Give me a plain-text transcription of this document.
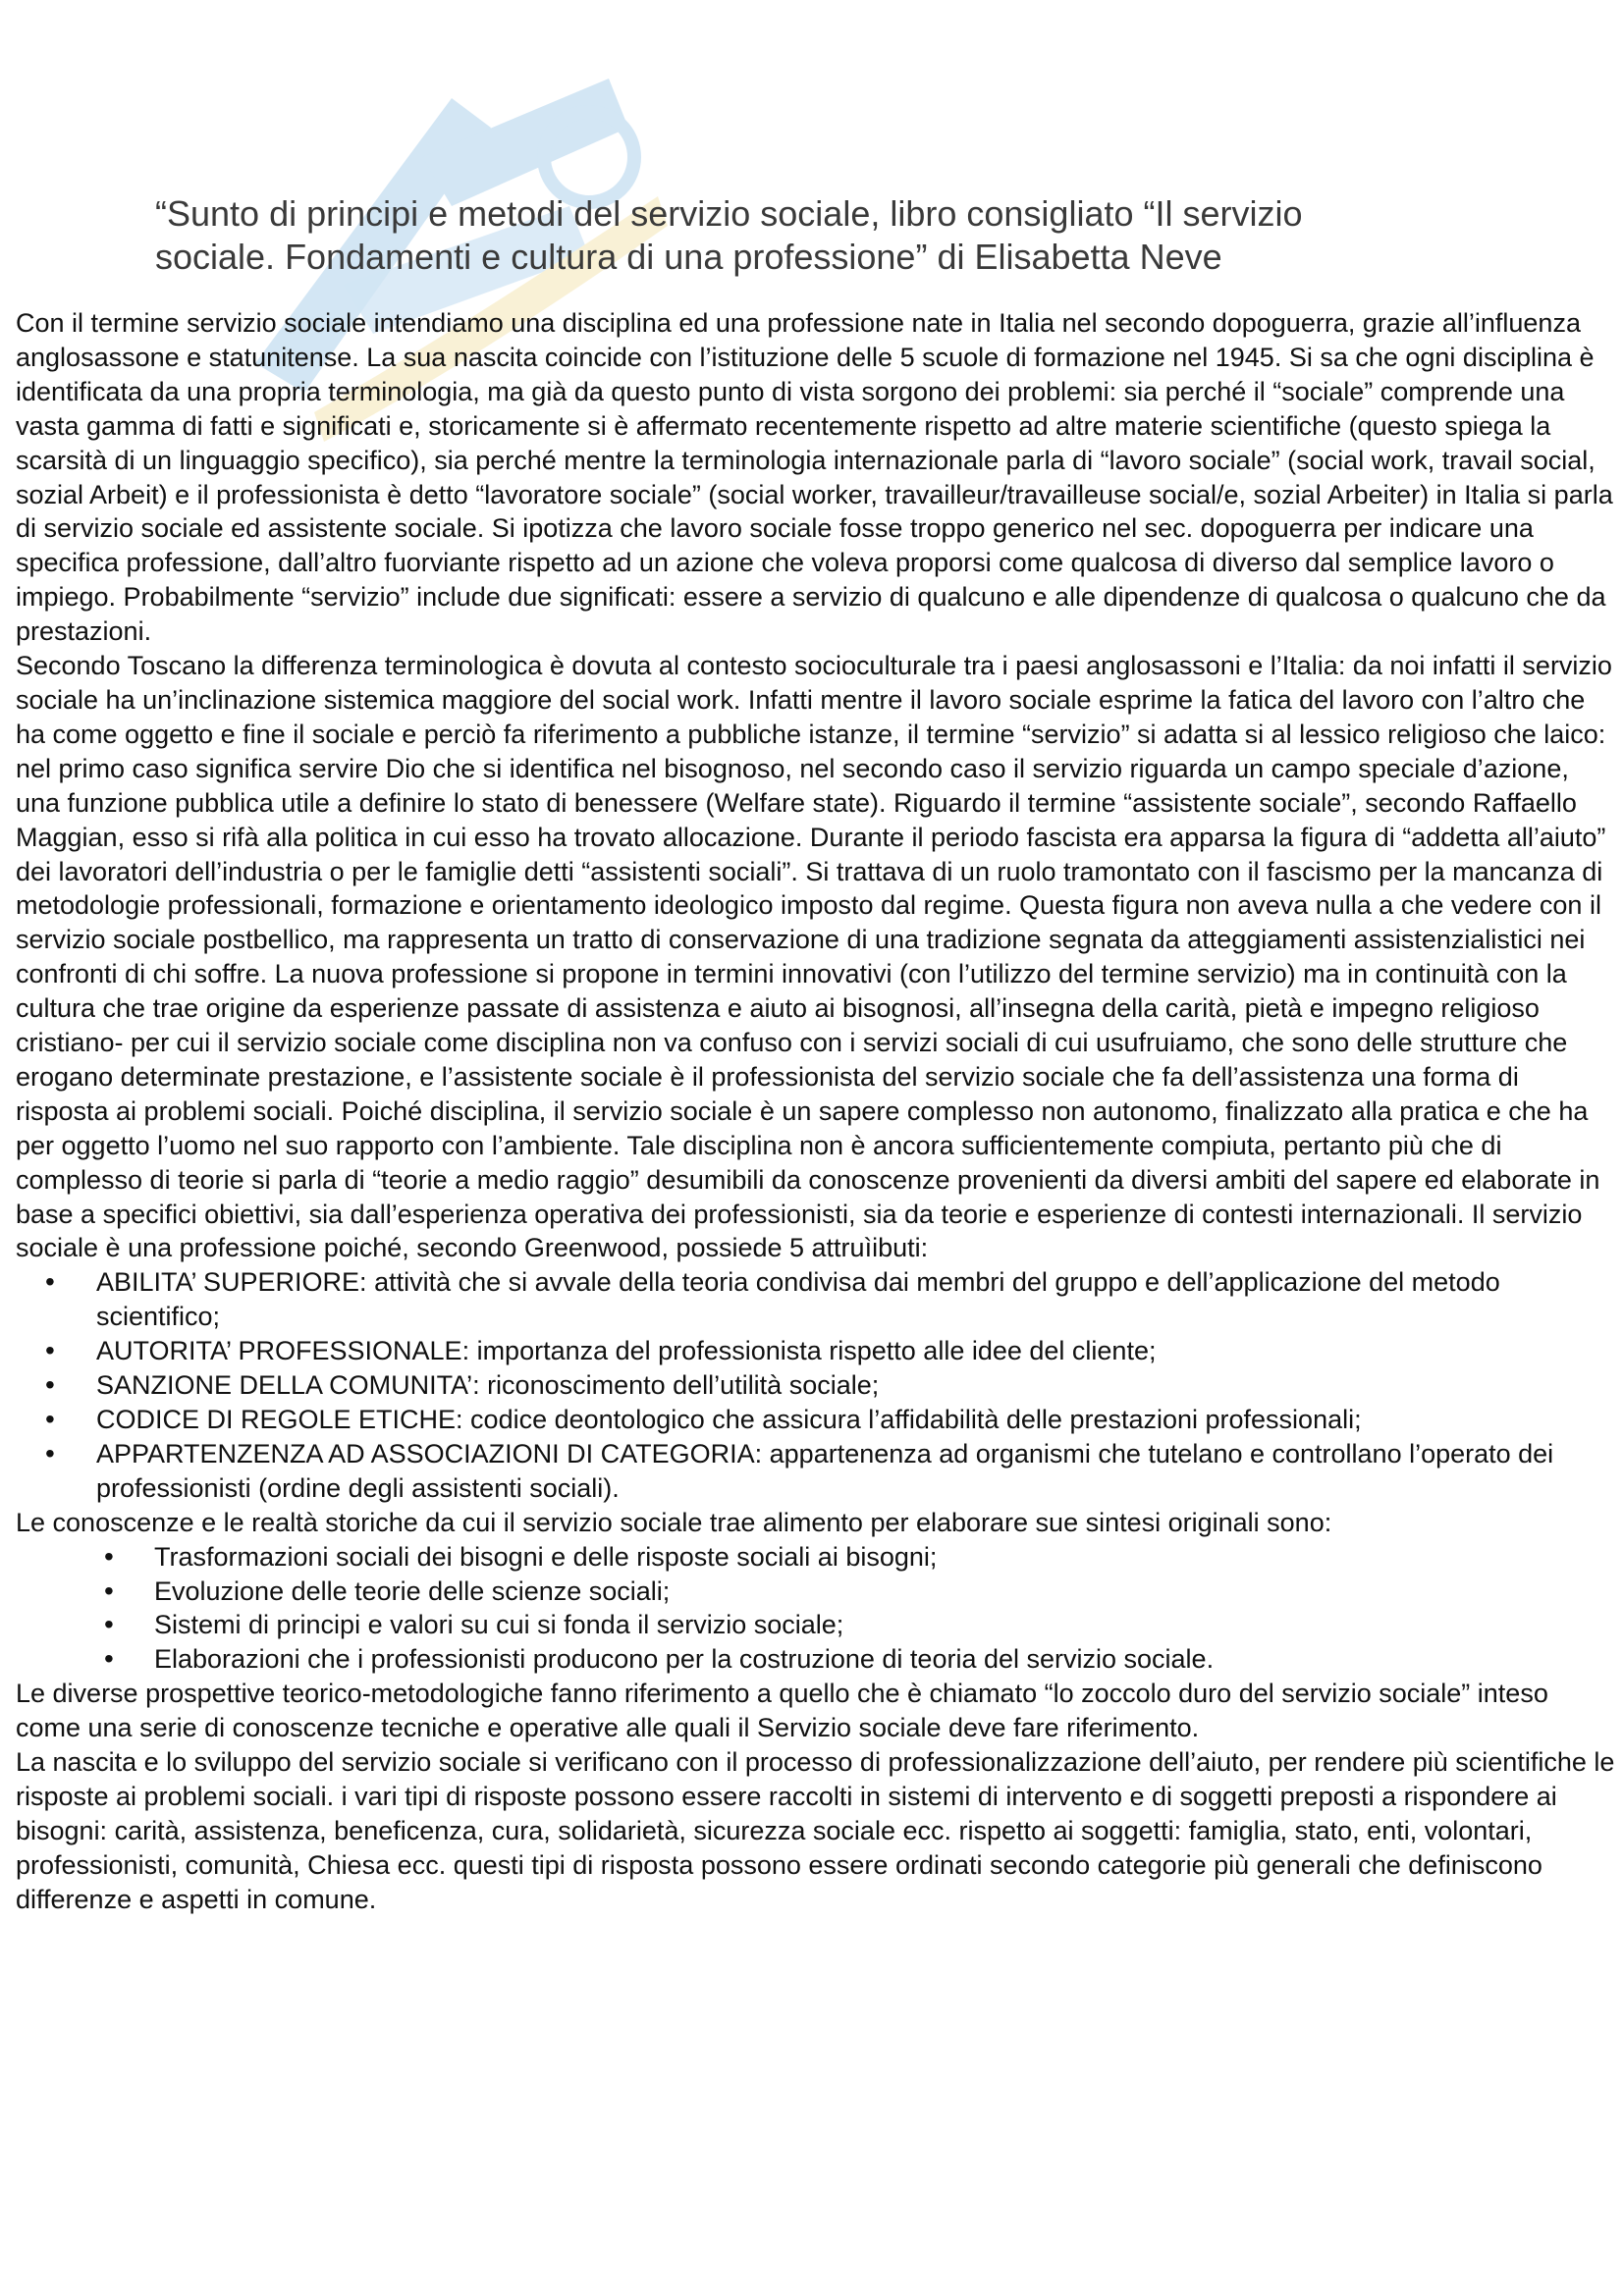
“Sunto di principi e metodi del servizio sociale, libro consigliato “Il servizio
sociale. Fondamenti e cultura di una professione” di Elisabetta Neve

Con il termine servizio sociale intendiamo una disciplina ed una professione nate in Italia nel secondo dopoguerra, grazie all’influenza anglosassone e statunitense. La sua nascita coincide con l’istituzione delle 5 scuole di formazione nel 1945. Si sa che ogni disciplina è identificata da una propria terminologia, ma già da questo punto di vista sorgono dei problemi: sia perché il “sociale” comprende una vasta gamma di fatti e significati e, storicamente si è affermato recentemente rispetto ad altre materie scientifiche (questo spiega la scarsità di un linguaggio specifico), sia perché mentre la terminologia internazionale parla di “lavoro sociale” (social work, travail social, sozial Arbeit) e il professionista è detto “lavoratore sociale” (social worker, travailleur/travailleuse social/e, sozial Arbeiter) in Italia si parla di servizio sociale ed assistente sociale. Si ipotizza che lavoro sociale fosse troppo generico nel sec. dopoguerra per indicare una specifica professione, dall’altro fuorviante rispetto ad un azione che voleva proporsi come qualcosa di diverso dal semplice lavoro o impiego. Probabilmente “servizio” include due significati: essere a servizio di qualcuno e alle dipendenze di qualcosa o qualcuno che da prestazioni.

Secondo Toscano la differenza terminologica è dovuta al contesto socioculturale tra i paesi anglosassoni e l’Italia: da noi infatti il servizio sociale ha un’inclinazione sistemica maggiore del social work. Infatti mentre il lavoro sociale esprime la fatica del lavoro con l’altro che ha come oggetto e fine il sociale e perciò fa riferimento a pubbliche istanze, il termine “servizio” si adatta si al lessico religioso che laico: nel primo caso significa servire Dio che si identifica nel bisognoso, nel secondo caso il servizio riguarda un campo speciale d’azione, una funzione pubblica utile a definire lo stato di benessere (Welfare state). Riguardo il termine “assistente sociale”, secondo Raffaello Maggian, esso si rifà alla politica in cui esso ha trovato allocazione. Durante il periodo fascista era apparsa la figura di “addetta all’aiuto” dei lavoratori dell’industria o per le famiglie detti “assistenti sociali”. Si trattava di un ruolo tramontato con il fascismo per la mancanza di metodologie professionali, formazione e orientamento ideologico imposto dal regime. Questa figura non aveva nulla a che vedere con il servizio sociale postbellico, ma rappresenta un tratto di conservazione di una tradizione segnata da atteggiamenti assistenzialistici nei confronti di chi soffre. La nuova professione si propone in termini innovativi (con l’utilizzo del termine servizio) ma in continuità con la cultura che trae origine da esperienze passate di assistenza e aiuto ai bisognosi, all’insegna della carità, pietà e impegno religioso cristiano- per cui il servizio sociale come disciplina non va confuso con i servizi sociali di cui usufruiamo, che sono delle strutture che erogano determinate prestazione, e l’assistente sociale è il professionista del servizio sociale che fa dell’assistenza una forma di risposta ai problemi sociali. Poiché disciplina, il servizio sociale è un sapere complesso non autonomo, finalizzato alla pratica e che ha per oggetto l’uomo nel suo rapporto con l’ambiente. Tale disciplina non è ancora sufficientemente compiuta, pertanto più che di complesso di teorie si parla di “teorie a medio raggio” desumibili da conoscenze provenienti da diversi ambiti del sapere ed elaborate in base a specifici obiettivi, sia dall’esperienza operativa dei professionisti, sia da teorie e esperienze di contesti internazionali. Il servizio sociale è una professione poiché, secondo Greenwood, possiede 5 attruìibuti:

•ABILITA’ SUPERIORE: attività che si avvale della teoria condivisa dai membri del gruppo e dell’applicazione del metodo scientifico;
•AUTORITA’ PROFESSIONALE: importanza del professionista rispetto alle idee del cliente;
•SANZIONE DELLA COMUNITA’: riconoscimento dell’utilità sociale;
•CODICE DI REGOLE ETICHE: codice deontologico che assicura l’affidabilità delle prestazioni professionali;
•APPARTENZENZA AD ASSOCIAZIONI DI CATEGORIA: appartenenza ad organismi che tutelano e controllano l’operato dei professionisti (ordine degli assistenti sociali).

Le conoscenze e le realtà storiche da cui il servizio sociale trae alimento per elaborare sue sintesi originali sono:

• Trasformazioni sociali dei bisogni e delle risposte sociali ai bisogni;
• Evoluzione delle teorie delle scienze sociali;
• Sistemi di principi e valori su cui si fonda il servizio sociale;
• Elaborazioni che i professionisti producono per la costruzione di teoria del servizio sociale.

Le diverse prospettive teorico-metodologiche fanno riferimento a quello che è chiamato “lo zoccolo duro del servizio sociale” inteso come una serie di conoscenze tecniche e operative alle quali il Servizio sociale deve fare riferimento.

La nascita e lo sviluppo del servizio sociale si verificano con il processo di professionalizzazione dell’aiuto, per rendere più scientifiche le risposte ai problemi sociali. i vari tipi di risposte possono essere raccolti in sistemi di intervento e di soggetti preposti a rispondere ai bisogni: carità, assistenza, beneficenza, cura, solidarietà, sicurezza sociale ecc. rispetto ai soggetti: famiglia, stato, enti, volontari, professionisti, comunità, Chiesa ecc. questi tipi di risposta possono essere ordinati secondo categorie più generali che definiscono differenze e aspetti in comune.
